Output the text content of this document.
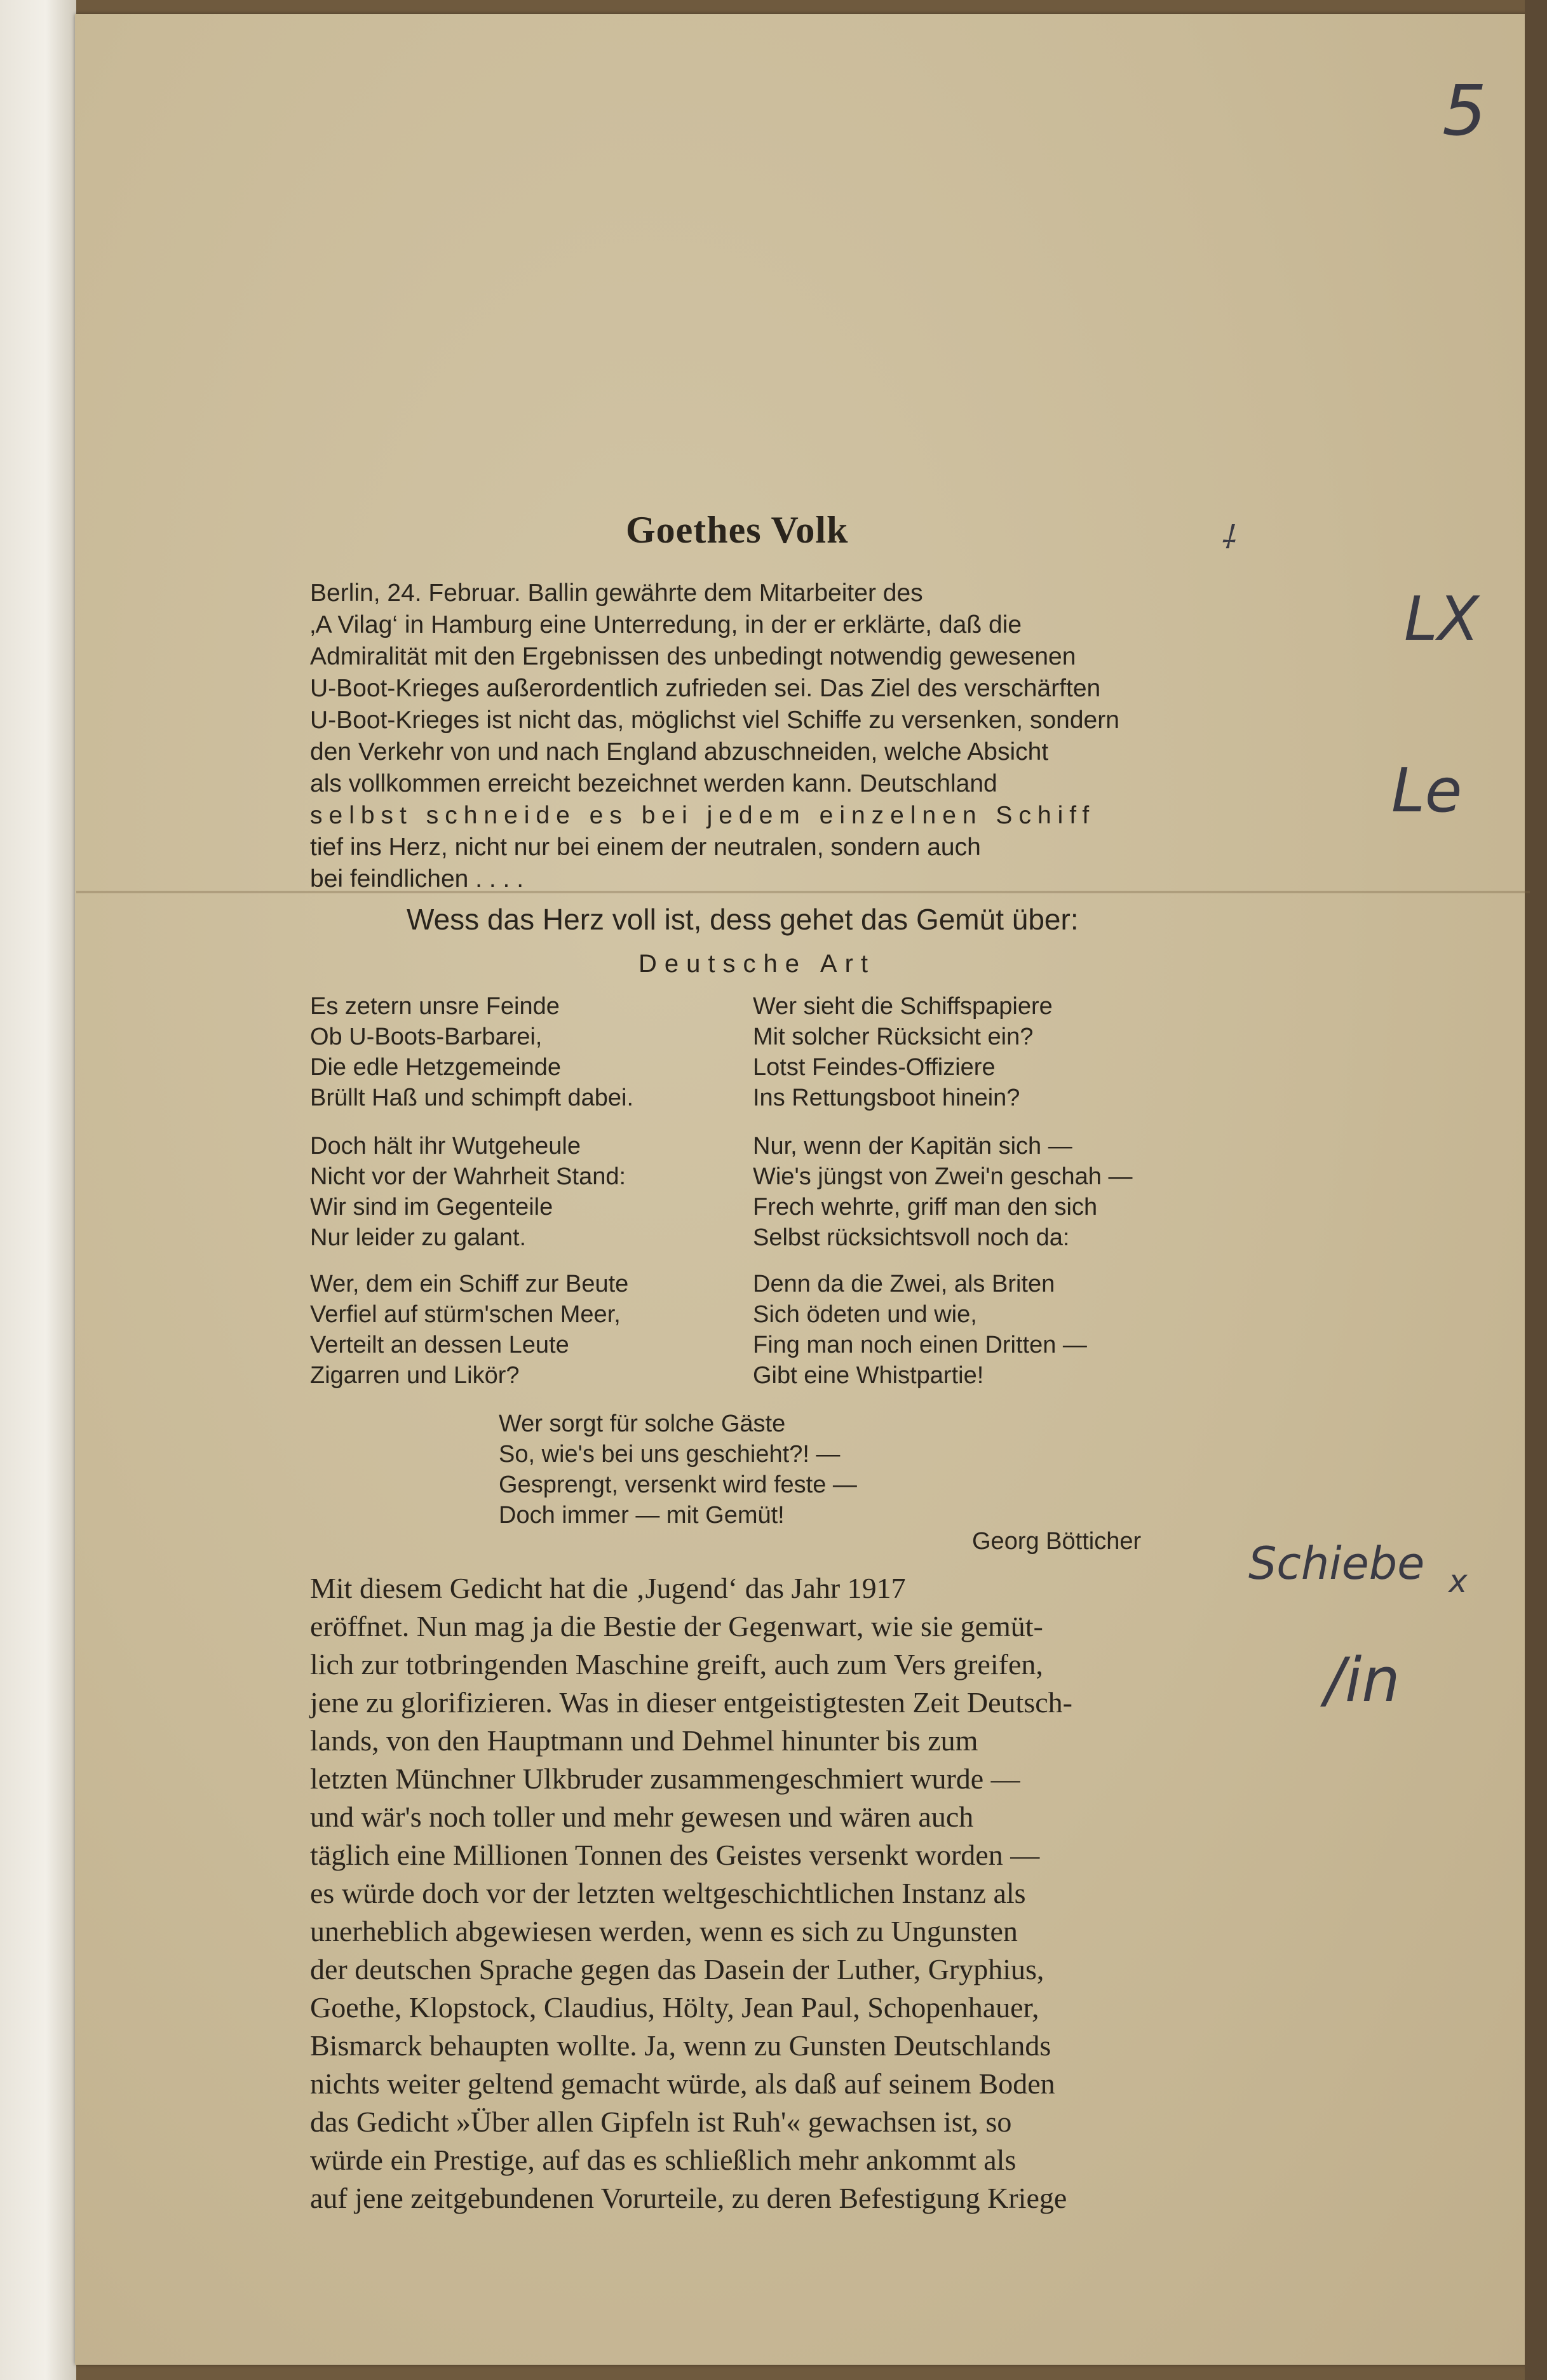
5
Goethes Volk	⸸
Berlin, 24. Februar. Ballin gewährte dem Mitarbeiter des
‚A Vilag‘ in Hamburg eine Unterredung, in der er erklärte, daß die
Admiralität mit den Ergebnissen des unbedingt notwendig gewesenen
U-Boot-Krieges außerordentlich zufrieden sei. Das Ziel des verschärften
U-Boot-Krieges ist nicht das, möglichst viel Schiffe zu versenken, sondern
den Verkehr von und nach England abzuschneiden, welche Absicht
als vollkommen erreicht bezeichnet werden kann. Deutschland
selbst schneide es bei jedem einzelnen Schiff
tief ins Herz, nicht nur bei einem der neutralen, sondern auch
bei feindlichen . . . .
LX
Le
Wess das Herz voll ist, dess gehet das Gemüt über:
Deutsche Art
Es zetern unsre Feinde
Ob U-Boots-Barbarei,
Die edle Hetzgemeinde
Brüllt Haß und schimpft dabei.
Doch hält ihr Wutgeheule
Nicht vor der Wahrheit Stand:
Wir sind im Gegenteile
Nur leider zu galant.
Wer, dem ein Schiff zur Beute
Verfiel auf stürm'schen Meer,
Verteilt an dessen Leute
Zigarren und Likör?
Wer sieht die Schiffspapiere
Mit solcher Rücksicht ein?
Lotst Feindes-Offiziere
Ins Rettungsboot hinein?
Nur, wenn der Kapitän sich —
Wie's jüngst von Zwei'n geschah —
Frech wehrte, griff man den sich
Selbst rücksichtsvoll noch da:
Denn da die Zwei, als Briten
Sich ödeten und wie,
Fing man noch einen Dritten —
Gibt eine Whistpartie!
Wer sorgt für solche Gäste
So, wie's bei uns geschieht?! —
Gesprengt, versenkt wird feste —
Doch immer — mit Gemüt!
Georg Bötticher Schiebe x
/in
Mit diesem Gedicht hat die ‚Jugend‘ das Jahr 1917
eröffnet. Nun mag ja die Bestie der Gegenwart, wie sie gemüt-
lich zur totbringenden Maschine greift, auch zum Vers greifen,
jene zu glorifizieren. Was in dieser entgeistigtesten Zeit Deutsch-
lands, von den Hauptmann und Dehmel hinunter bis zum
letzten Münchner Ulkbruder zusammengeschmiert wurde —
und wär's noch toller und mehr gewesen und wären auch
täglich eine Millionen Tonnen des Geistes versenkt worden —
es würde doch vor der letzten weltgeschichtlichen Instanz als
unerheblich abgewiesen werden, wenn es sich zu Ungunsten
der deutschen Sprache gegen das Dasein der Luther, Gryphius,
Goethe, Klopstock, Claudius, Hölty, Jean Paul, Schopenhauer,
Bismarck behaupten wollte. Ja, wenn zu Gunsten Deutschlands
nichts weiter geltend gemacht würde, als daß auf seinem Boden
das Gedicht »Über allen Gipfeln ist Ruh'« gewachsen ist, so
würde ein Prestige, auf das es schließlich mehr ankommt als
auf jene zeitgebundenen Vorurteile, zu deren Befestigung Kriege
